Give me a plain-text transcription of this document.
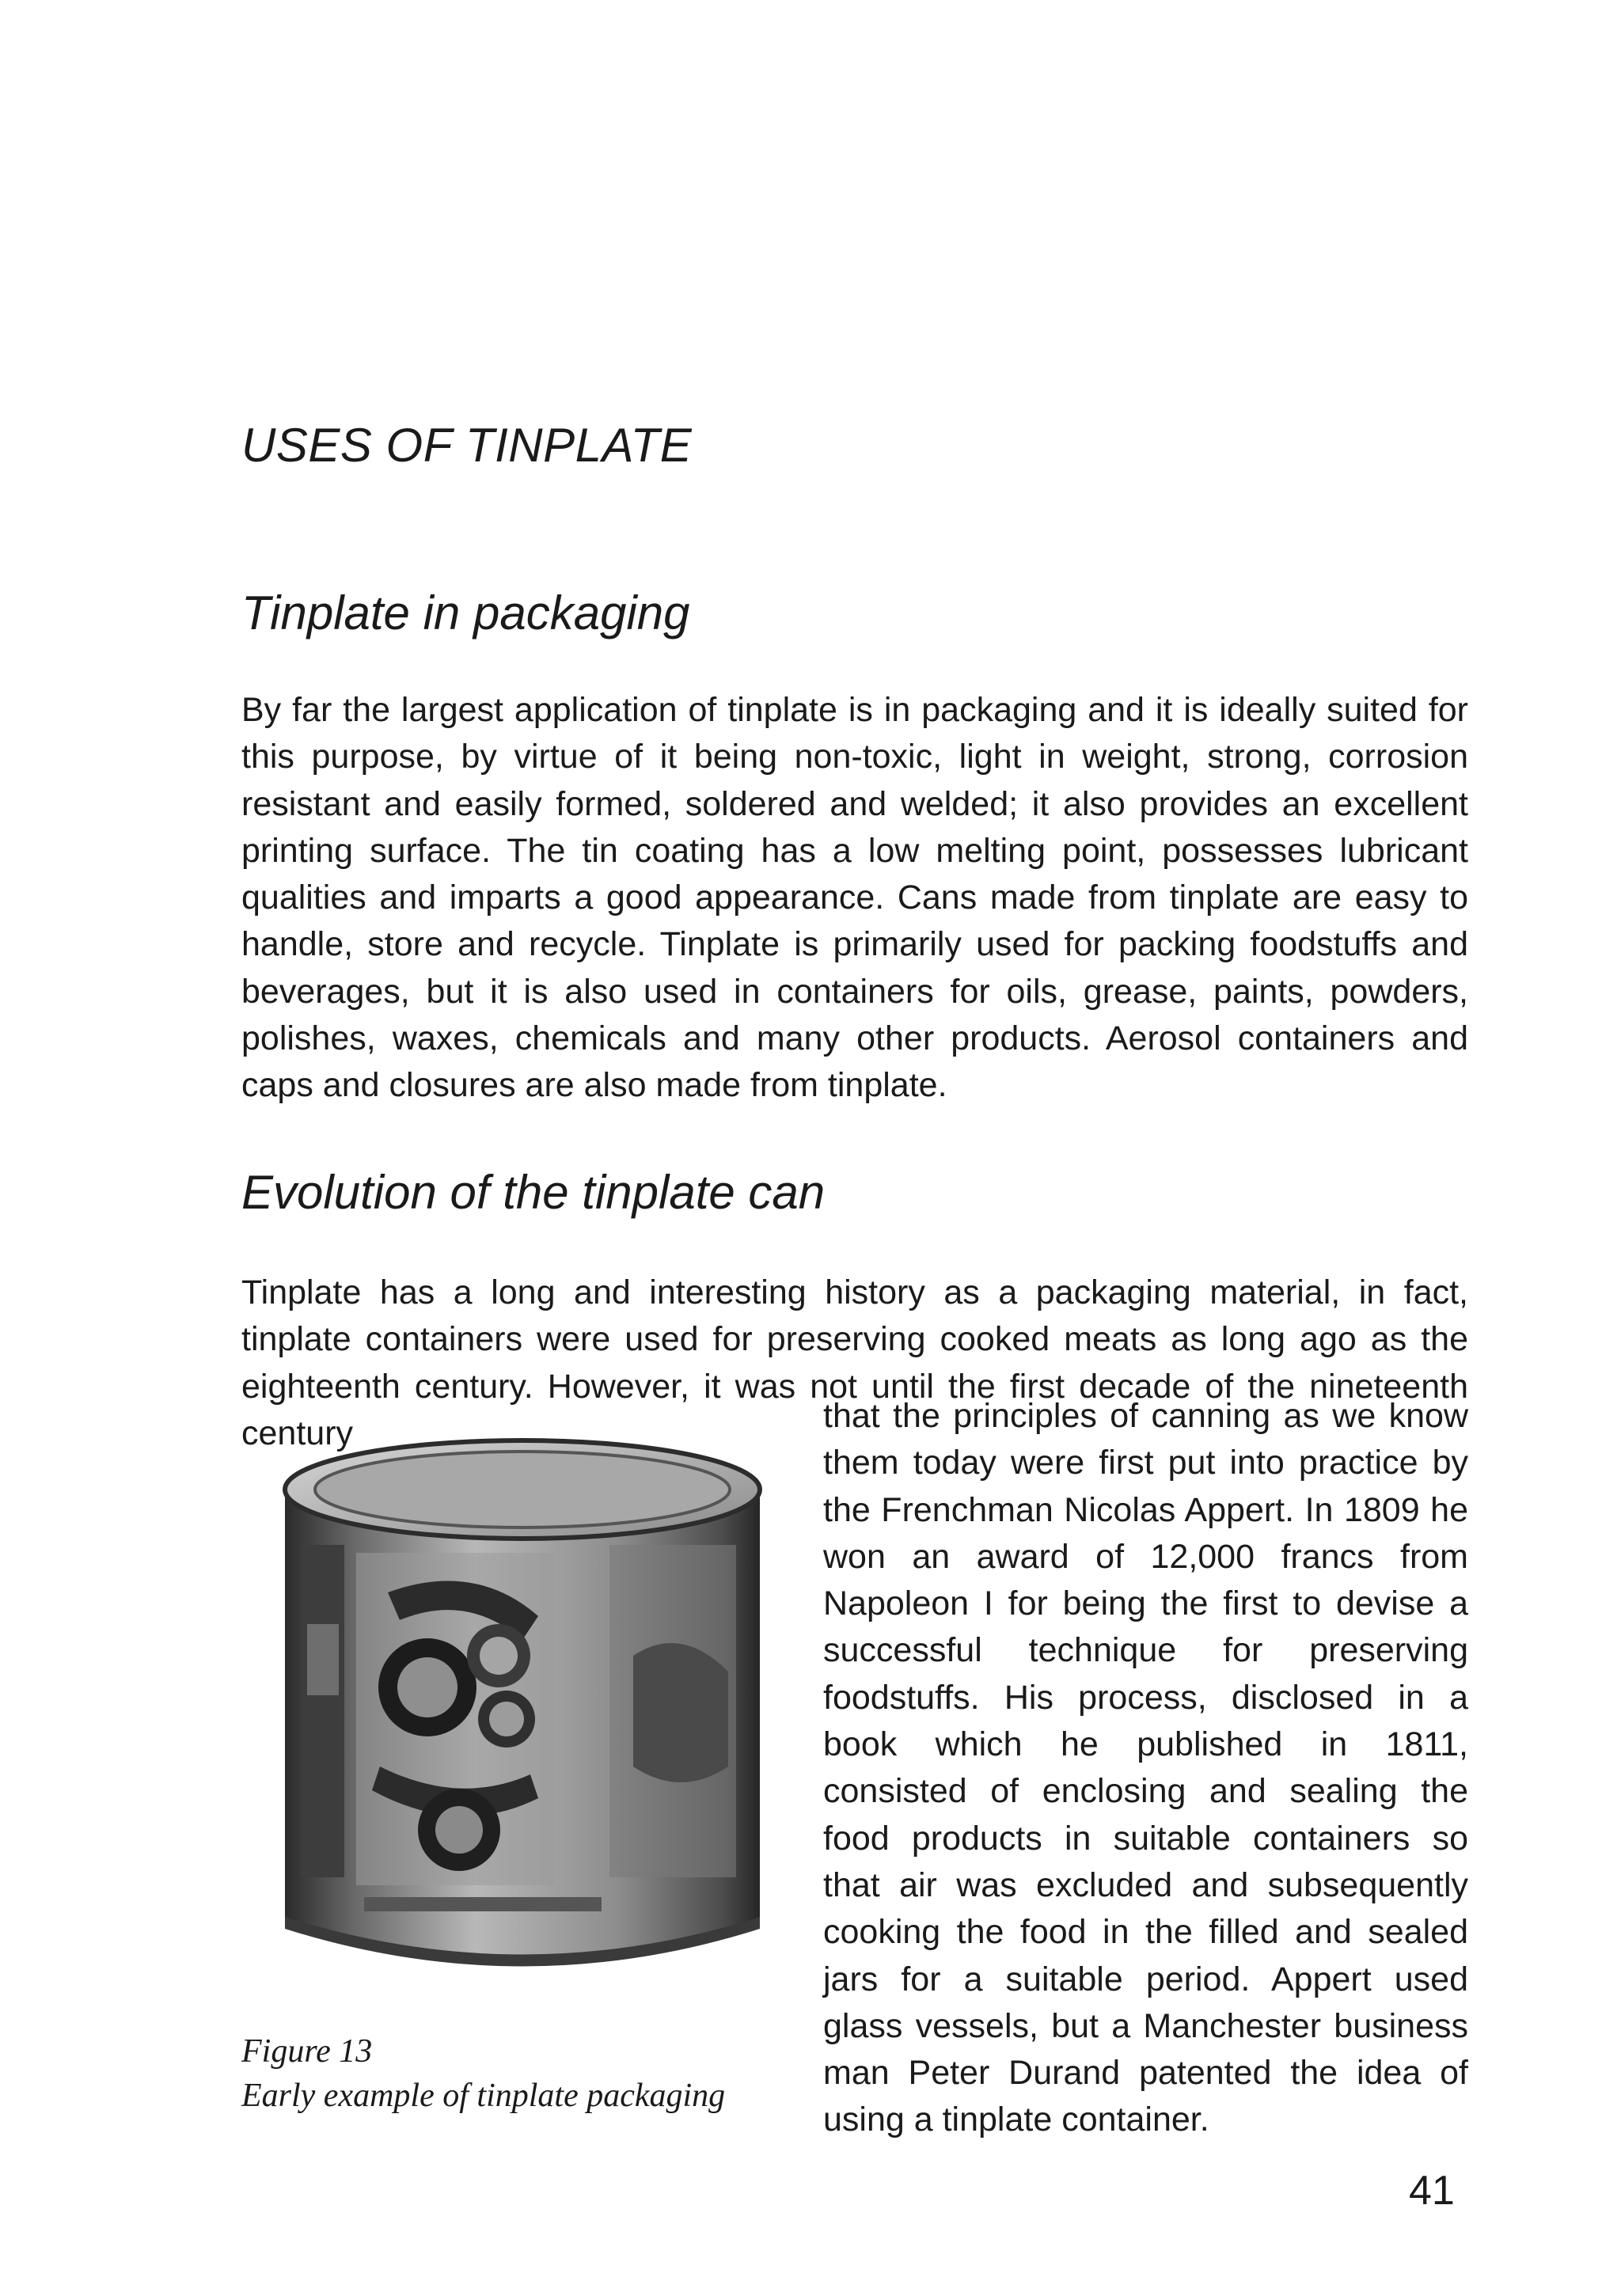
USES OF TINPLATE
Tinplate in packaging

By far the largest application of tinplate is in packaging and it is ideally suited for this purpose, by virtue of it being non-toxic, light in weight, strong, corrosion resistant and easily formed, soldered and welded; it also provides an excellent printing surface. The tin coating has a low melting point, possesses lubricant qualities and imparts a good appearance. Cans made from tinplate are easy to handle, store and recycle. Tinplate is primarily used for packing foodstuffs and beverages, but it is also used in containers for oils, grease, paints, powders, polishes, waxes, chemicals and many other products. Aerosol containers and caps and closures are also made from tinplate.

Evolution of the tinplate can

Tinplate has a long and interesting history as a packaging material, in fact, tinplate containers were used for preserving cooked meats as long ago as the eighteenth century. However, it was not until the first decade of the nineteenth century	that the principles of canning as we know them today were first put into practice by the Frenchman Nicolas Appert. In 1809 he won an award of 12,000 francs from Napoleon I for being the first to devise a successful technique for preserving foodstuffs. His process, disclosed in a book which he published in 1811, consisted of enclosing and sealing the food products in suitable containers so that air was excluded and subsequently cooking the food in the filled and sealed jars for a suitable period. Appert used glass vessels, but a Manchester business man Peter Durand patented the idea of using a tinplate container.

Figure 13
Early example of tinplate packaging
41
